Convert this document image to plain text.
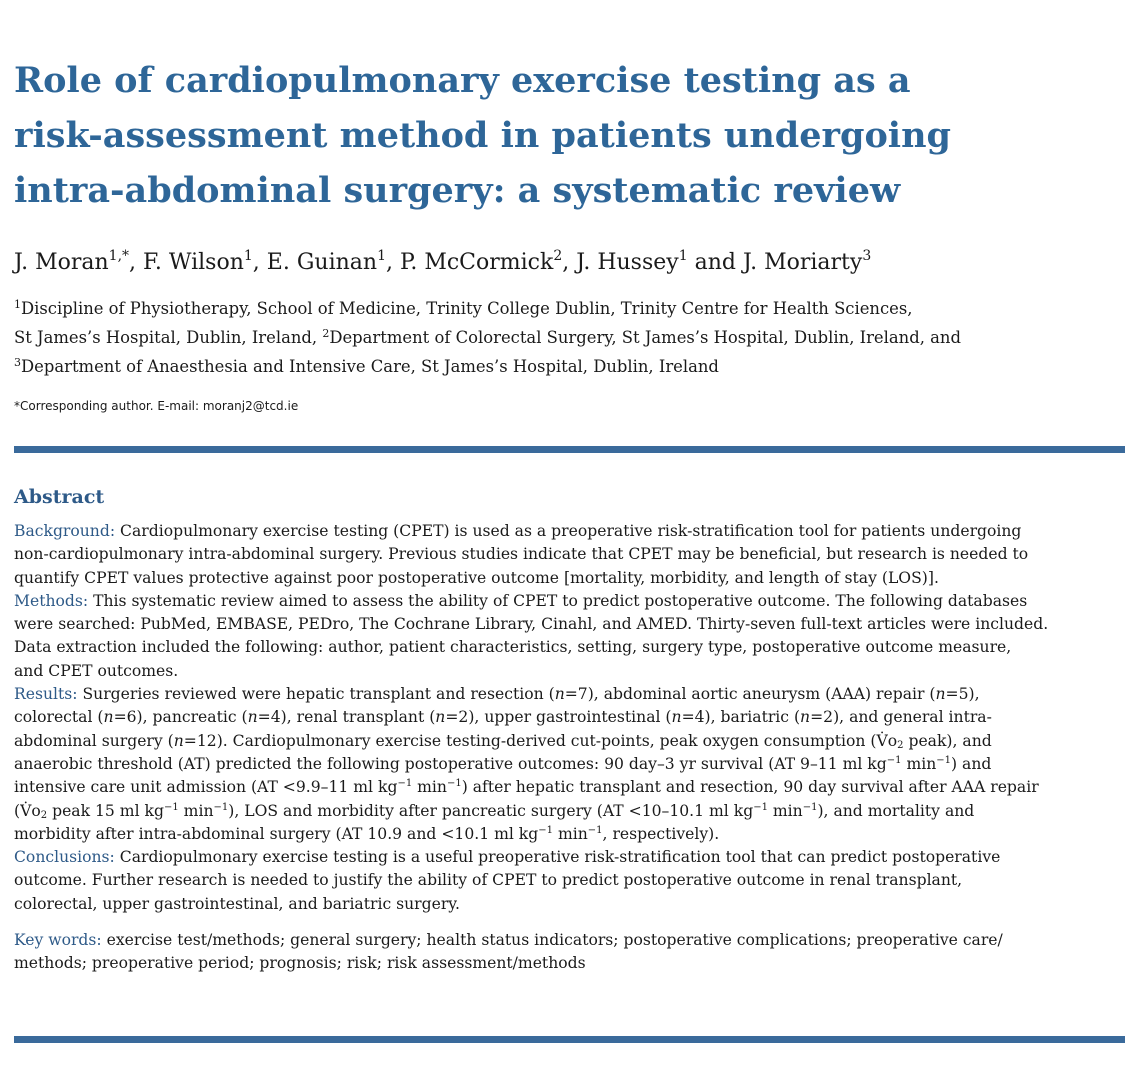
Role of cardiopulmonary exercise testing as a
risk-assessment method in patients undergoing
intra-abdominal surgery: a systematic review
J. Moran$^{1,*}$, F. Wilson$^1$, E. Guinan$^1$, P. McCormick$^2$, J. Hussey$^1$ and J. Moriarty$^3$
$^1$Discipline of Physiotherapy, School of Medicine, Trinity College Dublin, Trinity Centre for Health Sciences,
St James’s Hospital, Dublin, Ireland, $^2$Department of Colorectal Surgery, St James’s Hospital, Dublin, Ireland, and
$^3$Department of Anaesthesia and Intensive Care, St James’s Hospital, Dublin, Ireland
*Corresponding author. E-mail: moranj2@tcd.ie
Abstract
Background: Cardiopulmonary exercise testing (CPET) is used as a preoperative risk-stratification tool for patients undergoing
non-cardiopulmonary intra-abdominal surgery. Previous studies indicate that CPET may be beneficial, but research is needed to
quantify CPET values protective against poor postoperative outcome [mortality, morbidity, and length of stay (LOS)].
Methods: This systematic review aimed to assess the ability of CPET to predict postoperative outcome. The following databases
were searched: PubMed, EMBASE, PEDro, The Cochrane Library, Cinahl, and AMED. Thirty-seven full-text articles were included.
Data extraction included the following: author, patient characteristics, setting, surgery type, postoperative outcome measure,
and CPET outcomes.
Results: Surgeries reviewed were hepatic transplant and resection (n=7), abdominal aortic aneurysm (AAA) repair (n=5),
colorectal (n=6), pancreatic (n=4), renal transplant (n=2), upper gastrointestinal (n=4), bariatric (n=2), and general intra-
abdominal surgery (n=12). Cardiopulmonary exercise testing-derived cut-points, peak oxygen consumption ($V̇o_2$ peak), and
anaerobic threshold (AT) predicted the following postoperative outcomes: 90 day–3 yr survival (AT 9–11 ml $kg^{-1}$ $\min^{-1}$) and
intensive care unit admission (AT <9.9–11 ml $kg^{-1}$ $\min^{-1}$) after hepatic transplant and resection, 90 day survival after AAA repair
($V̇o_2$ peak 15 ml $kg^{-1}$ $\min^{-1}$), LOS and morbidity after pancreatic surgery (AT <10–10.1 ml $kg^{-1}$ $\min^{-1}$), and mortality and
morbidity after intra-abdominal surgery (AT 10.9 and <10.1 ml $kg^{-1}$ $\min^{-1}$, respectively).
Conclusions: Cardiopulmonary exercise testing is a useful preoperative risk-stratification tool that can predict postoperative
outcome. Further research is needed to justify the ability of CPET to predict postoperative outcome in renal transplant,
colorectal, upper gastrointestinal, and bariatric surgery.
Key words: exercise test/methods; general surgery; health status indicators; postoperative complications; preoperative care/
methods; preoperative period; prognosis; risk; risk assessment/methods
